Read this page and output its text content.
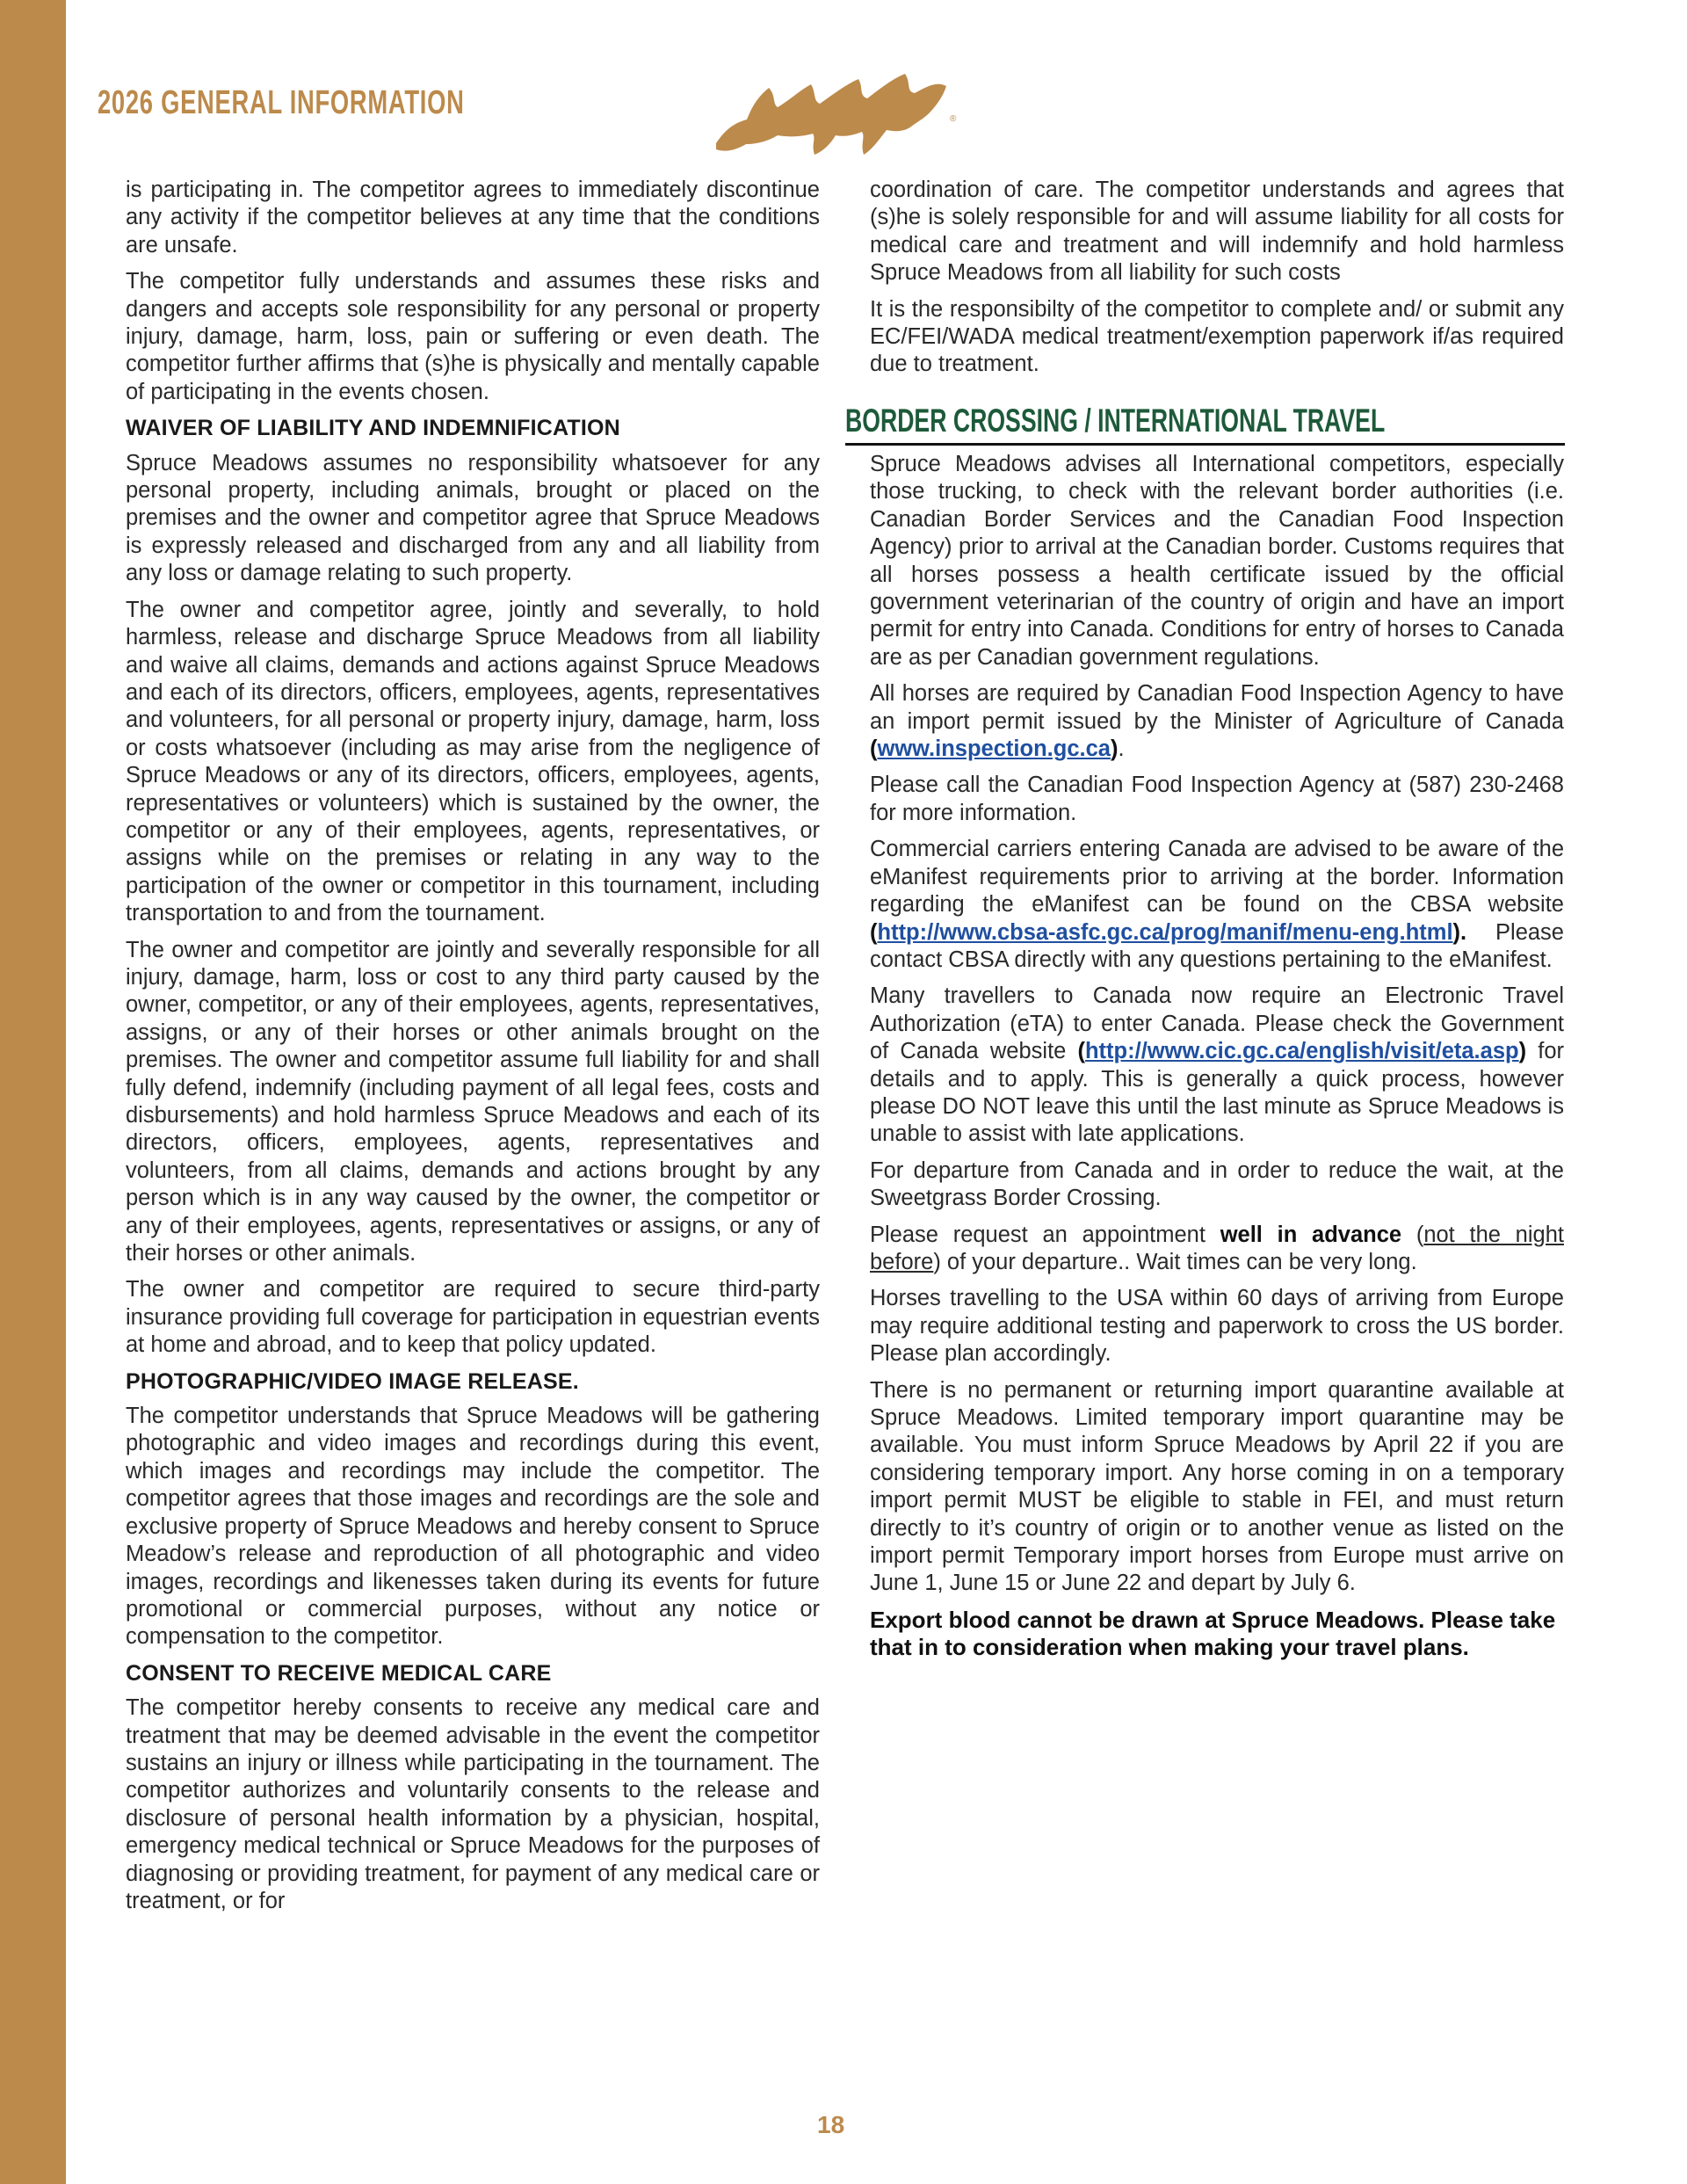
2026 GENERAL INFORMATION	®

is participating in. The competitor agrees to immediately discontinue any activity if the competitor believes at any time that the conditions are unsafe.

The competitor fully understands and assumes these risks and dangers and accepts sole responsibility for any personal or property injury, damage, harm, loss, pain or suffering or even death. The competitor further affirms that (s)he is physically and mentally capable of participating in the events chosen.

WAIVER OF LIABILITY AND INDEMNIFICATION

Spruce Meadows assumes no responsibility whatsoever for any personal property, including animals, brought or placed on the premises and the owner and competitor agree that Spruce Meadows is expressly released and discharged from any and all liability from any loss or damage relating to such property.

The owner and competitor agree, jointly and severally, to hold harmless, release and discharge Spruce Meadows from all liability and waive all claims, demands and actions against Spruce Meadows and each of its directors, officers, employees, agents, representatives and volunteers, for all personal or property injury, damage, harm, loss or costs whatsoever (including as may arise from the negligence of Spruce Meadows or any of its directors, officers, employees, agents, representatives or volunteers) which is sustained by the owner, the competitor or any of their employees, agents, representatives, or assigns while on the premises or relating in any way to the participation of the owner or competitor in this tournament, including transportation to and from the tournament.

The owner and competitor are jointly and severally responsible for all injury, damage, harm, loss or cost to any third party caused by the owner, competitor, or any of their employees, agents, representatives, assigns, or any of their horses or other animals brought on the premises. The owner and competitor assume full liability for and shall fully defend, indemnify (including payment of all legal fees, costs and disbursements) and hold harmless Spruce Meadows and each of its directors, officers, employees, agents, representatives and volunteers, from all claims, demands and actions brought by any person which is in any way caused by the owner, the competitor or any of their employees, agents, representatives or assigns, or any of their horses or other animals.

The owner and competitor are required to secure third-party insurance providing full coverage for participation in equestrian events at home and abroad, and to keep that policy updated.

PHOTOGRAPHIC/VIDEO IMAGE RELEASE.

The competitor understands that Spruce Meadows will be gathering photographic and video images and recordings during this event, which images and recordings may include the competitor. The competitor agrees that those images and recordings are the sole and exclusive property of Spruce Meadows and hereby consent to Spruce Meadow’s release and reproduction of all photographic and video images, recordings and likenesses taken during its events for future promotional or commercial purposes, without any notice or compensation to the competitor.

CONSENT TO RECEIVE MEDICAL CARE

The competitor hereby consents to receive any medical care and treatment that may be deemed advisable in the event the competitor sustains an injury or illness while participating in the tournament. The competitor authorizes and voluntarily consents to the release and disclosure of personal health information by a physician, hospital, emergency medical technical or Spruce Meadows for the purposes of diagnosing or providing treatment, for payment of any medical care or treatment, or for

coordination of care. The competitor understands and agrees that (s)he is solely responsible for and will assume liability for all costs for medical care and treatment and will indemnify and hold harmless Spruce Meadows from all liability for such costs

It is the responsibilty of the competitor to complete and/ or submit any EC/FEI/WADA medical treatment/exemption paperwork if/as required due to treatment.

BORDER CROSSING / INTERNATIONAL TRAVEL

Spruce Meadows advises all International competitors, especially those trucking, to check with the relevant border authorities (i.e. Canadian Border Services and the Canadian Food Inspection Agency) prior to arrival at the Canadian border. Customs requires that all horses possess a health certificate issued by the official government veterinarian of the country of origin and have an import permit for entry into Canada. Conditions for entry of horses to Canada are as per Canadian government regulations.

All horses are required by Canadian Food Inspection Agency to have an import permit issued by the Minister of Agriculture of Canada (www.inspection.gc.ca).

Please call the Canadian Food Inspection Agency at (587) 230-2468 for more information.

Commercial carriers entering Canada are advised to be aware of the eManifest requirements prior to arriving at the border. Information regarding the eManifest can be found on the CBSA website (http://www.cbsa-asfc.gc.ca/prog/manif/menu-eng.html). Please contact CBSA directly with any questions pertaining to the eManifest.

Many travellers to Canada now require an Electronic Travel Authorization (eTA) to enter Canada. Please check the Government of Canada website (http://www.cic.gc.ca/english/visit/eta.asp) for details and to apply. This is generally a quick process, however please DO NOT leave this until the last minute as Spruce Meadows is unable to assist with late applications.

For departure from Canada and in order to reduce the wait, at the Sweetgrass Border Crossing.

Please request an appointment well in advance (not the night before) of your departure.. Wait times can be very long.

Horses travelling to the USA within 60 days of arriving from Europe may require additional testing and paperwork to cross the US border. Please plan accordingly.

There is no permanent or returning import quarantine available at Spruce Meadows. Limited temporary import quarantine may be available. You must inform Spruce Meadows by April 22 if you are considering temporary import. Any horse coming in on a temporary import permit MUST be eligible to stable in FEI, and must return directly to it’s country of origin or to another venue as listed on the import permit Temporary import horses from Europe must arrive on June 1, June 15 or June 22 and depart by July 6.

Export blood cannot be drawn at Spruce Meadows. Please take that in to consideration when making your travel plans.

18
